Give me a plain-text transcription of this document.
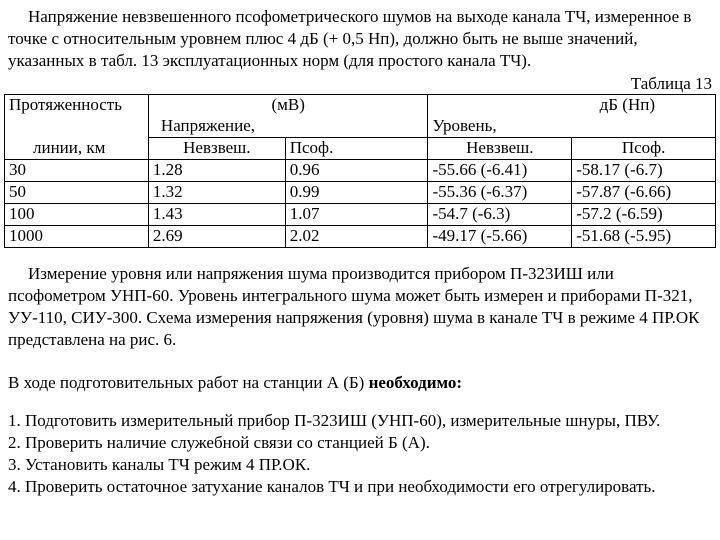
Напряжение невзвешенного псофометрического шумов на выходе канала ТЧ, измеренное в точке с относительным уровнем плюс 4 дБ (+ 0,5 Нп), должно быть не выше значений, указанных в табл. 13 эксплуатационных норм (для простого канала ТЧ).

Таблица 13
Протяженность	(мВ)		дБ (Нп)	
	Напряжение,		Уровень,	
линии, км	Невзвеш.	Псоф.	Невзвеш.	Псоф.
30	1.28	0.96	-55.66 (-6.41)	-58.17 (-6.7)
50	1.32	0.99	-55.36 (-6.37)	-57.87 (-6.66)
100	1.43	1.07	-54.7 (-6.3)	-57.2 (-6.59)
1000	2.69	2.02	-49.17 (-5.66)	-51.68 (-5.95)

Измерение уровня или напряжения шума производится прибором П-323ИШ или псофометром УНП-60. Уровень интегрального шума может быть измерен и приборами П-321, УУ-110, СИУ-300. Схема измерения напряжения (уровня) шума в канале ТЧ в режиме 4 ПР.ОК представлена на рис. 6.

В ходе подготовительных работ на станции А (Б) необходимо:

1. Подготовить измерительный прибор П-323ИШ (УНП-60), измерительные шнуры, ПВУ.
2. Проверить наличие служебной связи со станцией Б (А).
3. Установить каналы ТЧ режим 4 ПР.ОК.
4. Проверить остаточное затухание каналов ТЧ и при необходимости его отрегулировать.
